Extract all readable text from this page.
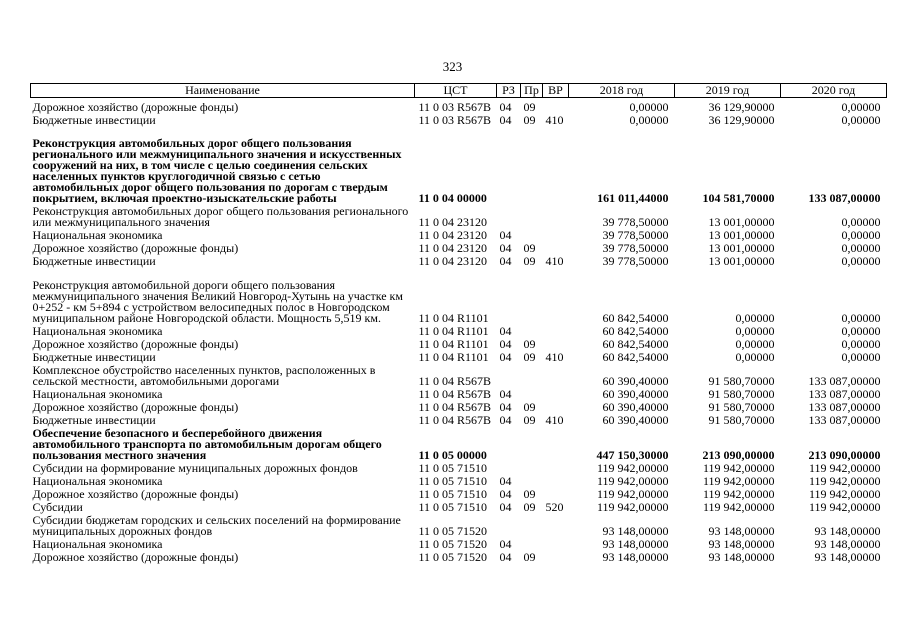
323
Наименование	ЦСТ	РЗ	Пр	ВР	2018 год	2019 год	2020 год

Дорожное хозяйство (дорожные фонды)	11 0 03 R567B	04	09		0,00000	36 129,90000	0,00000
Бюджетные инвестиции	11 0 03 R567B	04	09	410	0,00000	36 129,90000	0,00000
Реконструкция автомобильных дорог общего пользования регионального или межмуниципального значения и искусственных сооружений на них, в том числе с целью соединения сельских населенных пунктов круглогодичной связью с сетью автомобильных дорог общего пользования по дорогам с твердым покрытием, включая проектно-изыскательские работы	11 0 04 00000				161 011,44000	104 581,70000	133 087,00000
Реконструкция автомобильных дорог общего пользования регионального или межмуниципального значения	11 0 04 23120				39 778,50000	13 001,00000	0,00000
Национальная экономика	11 0 04 23120	04			39 778,50000	13 001,00000	0,00000
Дорожное хозяйство (дорожные фонды)	11 0 04 23120	04	09		39 778,50000	13 001,00000	0,00000
Бюджетные инвестиции	11 0 04 23120	04	09	410	39 778,50000	13 001,00000	0,00000
Реконструкция автомобильной дороги общего пользования межмуниципального значения Великий Новгород-Хутынь на участке км 0+252 - км 5+894 с устройством велосипедных полос в Новгородском муниципальном районе Новгородской области. Мощность 5,519 км.	11 0 04 R1101				60 842,54000	0,00000	0,00000
Национальная экономика	11 0 04 R1101	04			60 842,54000	0,00000	0,00000
Дорожное хозяйство (дорожные фонды)	11 0 04 R1101	04	09		60 842,54000	0,00000	0,00000
Бюджетные инвестиции	11 0 04 R1101	04	09	410	60 842,54000	0,00000	0,00000
Комплексное обустройство населенных пунктов, расположенных в сельской местности, автомобильными дорогами	11 0 04 R567B				60 390,40000	91 580,70000	133 087,00000
Национальная экономика	11 0 04 R567B	04			60 390,40000	91 580,70000	133 087,00000
Дорожное хозяйство (дорожные фонды)	11 0 04 R567B	04	09		60 390,40000	91 580,70000	133 087,00000
Бюджетные инвестиции	11 0 04 R567B	04	09	410	60 390,40000	91 580,70000	133 087,00000
Обеспечение безопасного и бесперебойного движения автомобильного транспорта по автомобильным дорогам общего пользования местного значения	11 0 05 00000				447 150,30000	213 090,00000	213 090,00000
Субсидии на формирование муниципальных дорожных фондов	11 0 05 71510				119 942,00000	119 942,00000	119 942,00000
Национальная экономика	11 0 05 71510	04			119 942,00000	119 942,00000	119 942,00000
Дорожное хозяйство (дорожные фонды)	11 0 05 71510	04	09		119 942,00000	119 942,00000	119 942,00000
Субсидии	11 0 05 71510	04	09	520	119 942,00000	119 942,00000	119 942,00000
Субсидии бюджетам городских и сельских поселений на формирование муниципальных дорожных фондов	11 0 05 71520				93 148,00000	93 148,00000	93 148,00000
Национальная экономика	11 0 05 71520	04			93 148,00000	93 148,00000	93 148,00000
Дорожное хозяйство (дорожные фонды)	11 0 05 71520	04	09		93 148,00000	93 148,00000	93 148,00000
